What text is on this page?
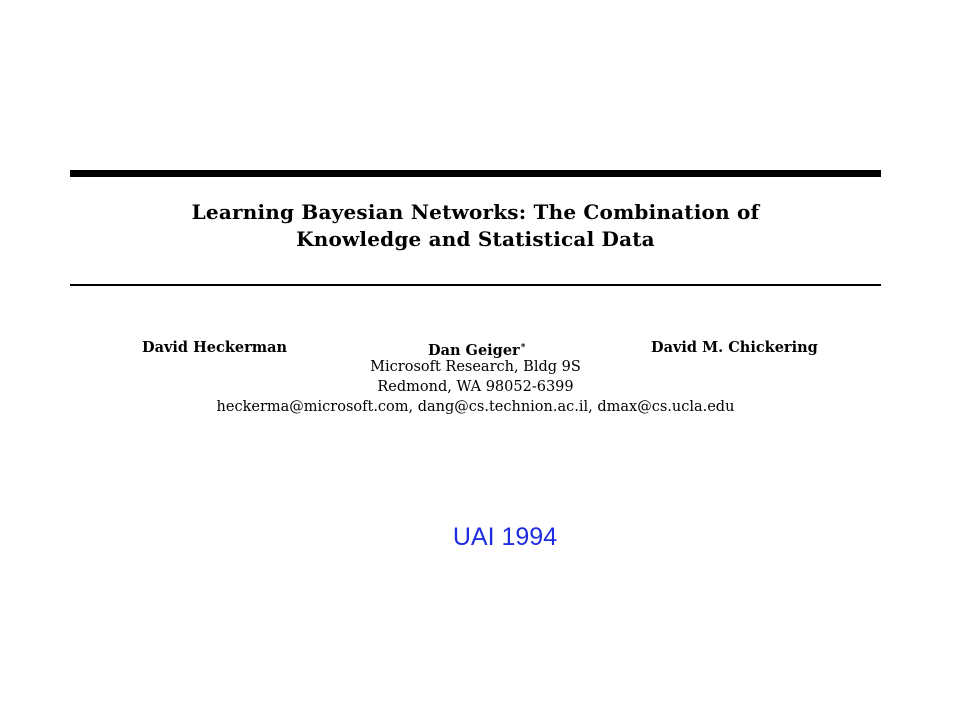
Learning Bayesian Networks: The Combination of
Knowledge and Statistical Data
David Heckerman	Dan Geiger*	David M. Chickering
Microsoft Research, Bldg 9S
Redmond, WA 98052-6399
heckerma@microsoft.com, dang@cs.technion.ac.il, dmax@cs.ucla.edu
UAI 1994
